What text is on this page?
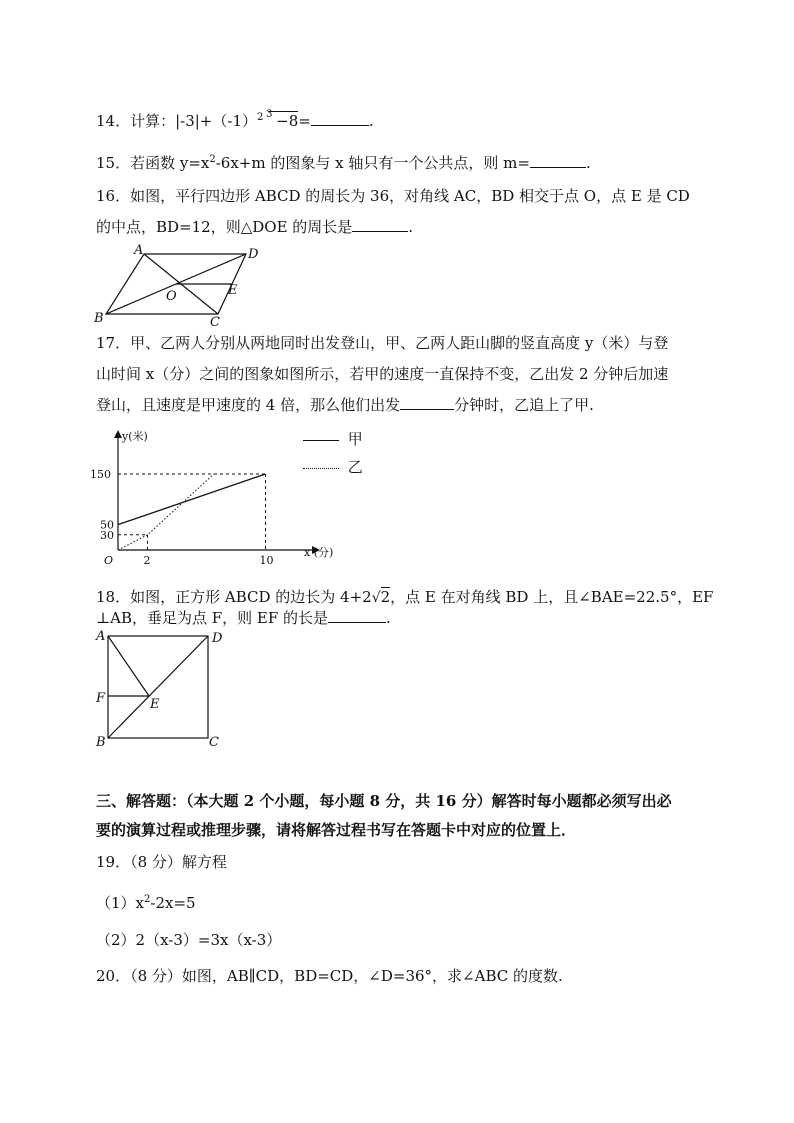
14．计算：$|-3|+(-1)^2$ 3 −8=	.
15．若函数 $y=x^2-6x+m$ 的图象与 x 轴只有一个公共点，则 m=	.
16．如图，平行四边形 ABCD 的周长为 36，对角线 AC，BD 相交于点 O，点 E 是 CD
的中点，BD=12，则△DOE 的周长是	.
A	D
B	C
O	E
17．甲、乙两人分别从两地同时出发登山，甲、乙两人距山脚的竖直高度 y（米）与登
山时间 x（分）之间的图象如图所示，若甲的速度一直保持不变，乙出发 2 分钟后加速
登山，且速度是甲速度的 4 倍，那么他们出发	分钟时，乙追上了甲.
150
50
30
2	10
O
y(米)
x (分)
甲
乙
18．如图，正方形 ABCD 的边长为 4+2√2，点 E 在对角线 BD 上，且∠BAE=22.5°，EF
⊥AB，垂足为点 F，则 EF 的长是	.
A	D
F	E
B	C
三、解答题：（本大题 2 个小题，每小题 8 分，共 16 分）解答时每小题都必须写出必
要的演算过程或推理步骤，请将解答过程书写在答题卡中对应的位置上．
19．（8 分）解方程
$(1)x^2-2x=5$
（2）2（x-3）=3x（x-3）
20．（8 分）如图，AB∥CD，BD=CD，∠D=36°，求∠ABC 的度数.
